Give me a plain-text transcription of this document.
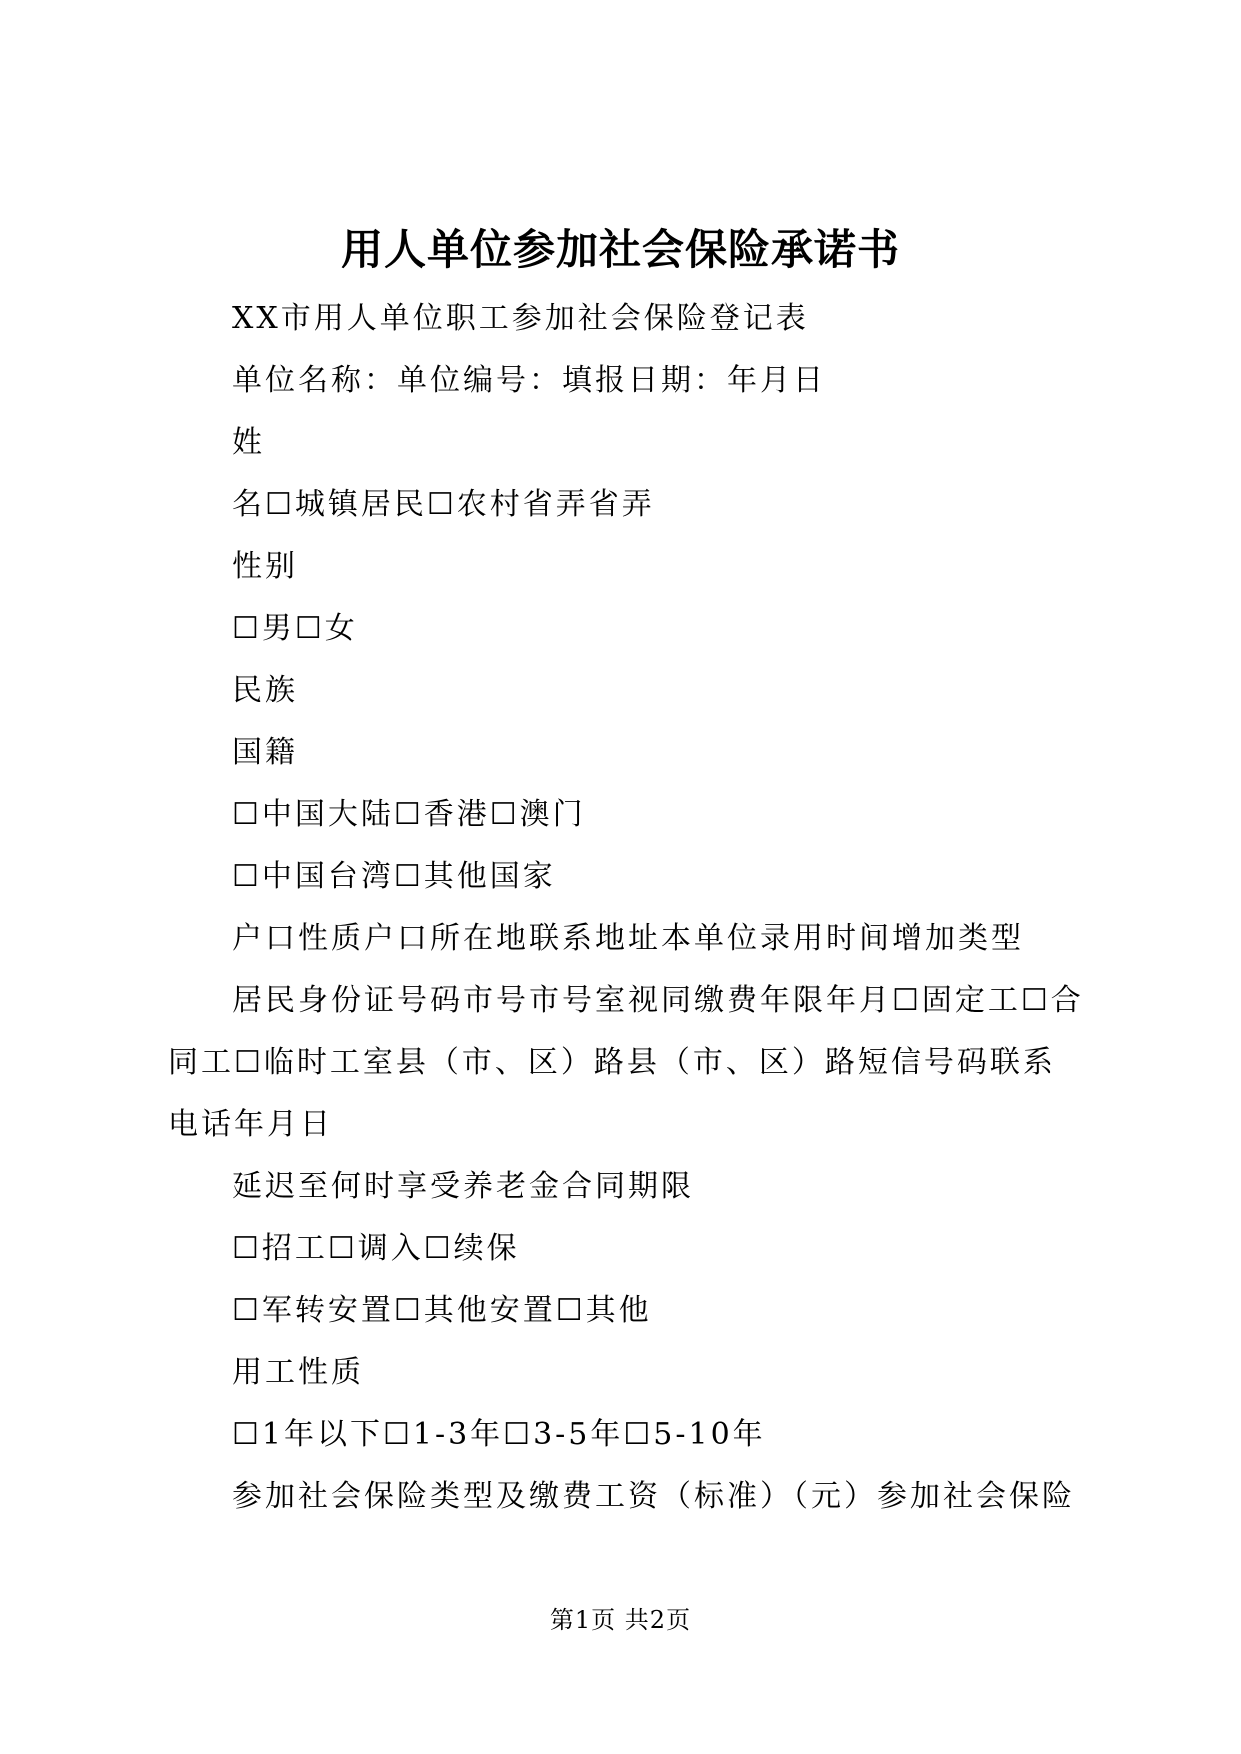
用人单位参加社会保险承诺书

XX市用人单位职工参加社会保险登记表

单位名称：单位编号：填报日期：年月日

姓

名☐城镇居民☐农村省弄省弄

性别

☐男☐女

民族

国籍

☐中国大陆☐香港☐澳门

☐中国台湾☐其他国家

户口性质户口所在地联系地址本单位录用时间增加类型

居民身份证号码市号市号室视同缴费年限年月☐固定工☐合同工☐临时工室县（市、区）路县（市、区）路短信号码联系电话年月日

延迟至何时享受养老金合同期限

☐招工☐调入☐续保

☐军转安置☐其他安置☐其他

用工性质

☐1年以下☐1-3年☐3-5年☐5-10年

参加社会保险类型及缴费工资（标准）（元）参加社会保险

第1页 共2页
